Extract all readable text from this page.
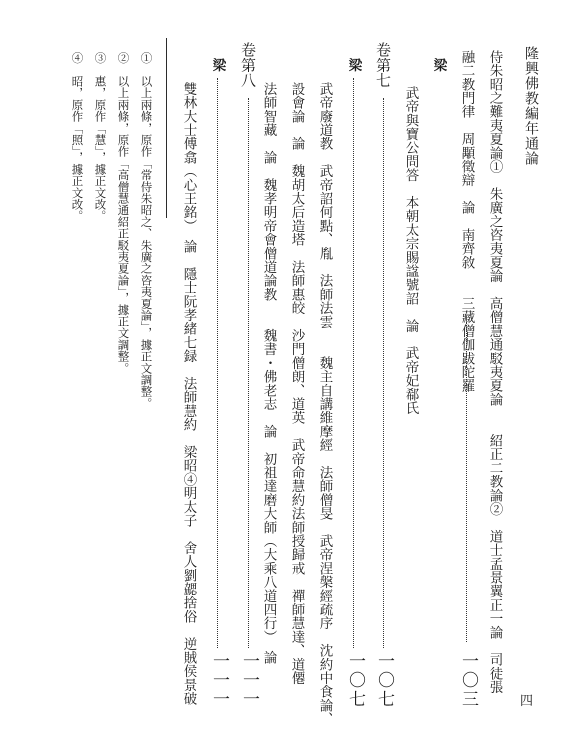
隆興佛教編年通論
四
侍朱昭之難夷夏論①　朱廣之咨夷夏論　高僧慧通駁夷夏論　　紹正二教論②　道士孟景翼正一論　司徒張
融二教門律　周顒徵辯　論　南齊敘　　三藏僧伽跋陀羅
一〇三
梁
武帝與寶公問答　本朝太宗賜諡號詔　論　武帝妃郗氏
卷第七
一〇七
梁
一〇七
武帝廢道教　武帝詔何點、胤　法師法雲　　魏主自講維摩經　法師僧旻　武帝涅槃經疏序　沈約中食論、
設會論　論　魏胡太后造塔　法師惠皎　沙門僧朗、道英　武帝命慧約法師授歸戒　禪師慧達、道僊
法師智藏　論　魏孝明帝會僧道論教　　魏書・佛老志　論　初祖達磨大師（大乘八道四行）　論
卷第八
一一一
梁
一一一
雙林大士傅翕（心王銘）　論　隱士阮孝緒七録　法師慧約　梁昭④明太子　舍人劉勰捨俗　逆賊侯景破
①　以上兩條，原作「常侍朱昭之、朱廣之咨夷夏論」，據正文調整。
②　以上兩條，原作「高僧慧通紹正駁夷夏論」，據正文調整。
③　惠，原作「慧」，據正文改。
④　昭，原作「照」，據正文改。
